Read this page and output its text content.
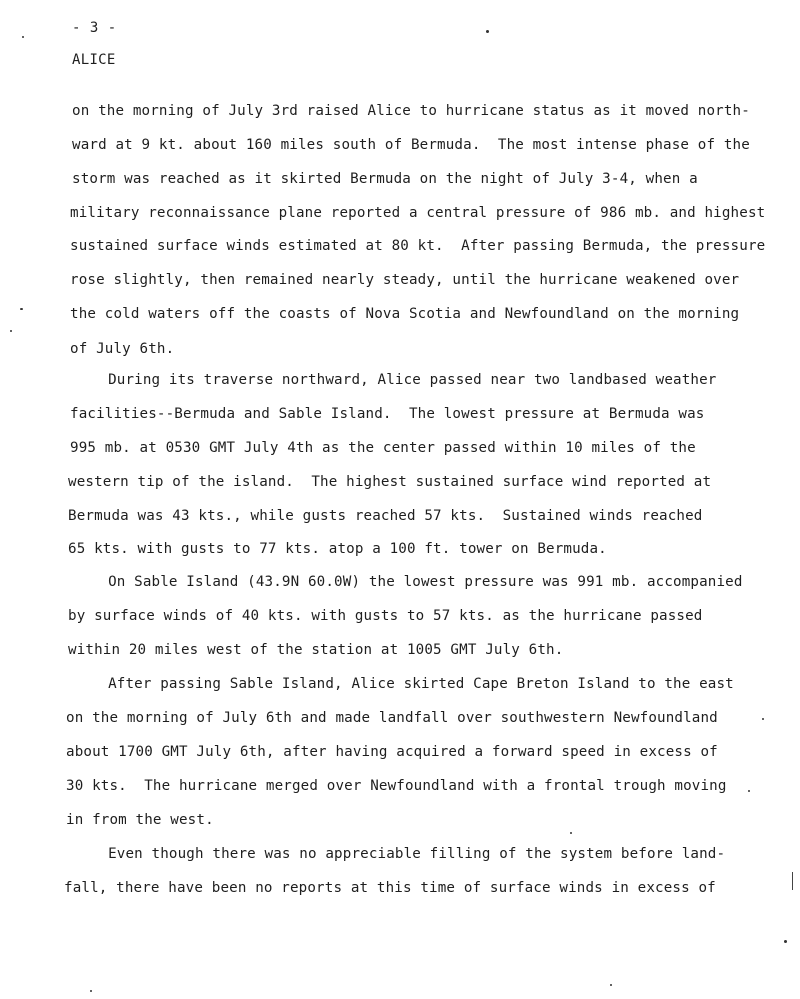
- 3 -
ALICE
on the morning of July 3rd raised Alice to hurricane status as it moved north-
ward at 9 kt. about 160 miles south of Bermuda.  The most intense phase of the
storm was reached as it skirted Bermuda on the night of July 3-4, when a
military reconnaissance plane reported a central pressure of 986 mb. and highest
sustained surface winds estimated at 80 kt.  After passing Bermuda, the pressure
rose slightly, then remained nearly steady, until the hurricane weakened over
the cold waters off the coasts of Nova Scotia and Newfoundland on the morning
of July 6th.
During its traverse northward, Alice passed near two landbased weather
facilities--Bermuda and Sable Island.  The lowest pressure at Bermuda was
995 mb. at 0530 GMT July 4th as the center passed within 10 miles of the
western tip of the island.  The highest sustained surface wind reported at
Bermuda was 43 kts., while gusts reached 57 kts.  Sustained winds reached
65 kts. with gusts to 77 kts. atop a 100 ft. tower on Bermuda.
On Sable Island (43.9N 60.0W) the lowest pressure was 991 mb. accompanied
by surface winds of 40 kts. with gusts to 57 kts. as the hurricane passed
within 20 miles west of the station at 1005 GMT July 6th.
After passing Sable Island, Alice skirted Cape Breton Island to the east
on the morning of July 6th and made landfall over southwestern Newfoundland
about 1700 GMT July 6th, after having acquired a forward speed in excess of
30 kts.  The hurricane merged over Newfoundland with a frontal trough moving
in from the west.
Even though there was no appreciable filling of the system before land-
fall, there have been no reports at this time of surface winds in excess of
